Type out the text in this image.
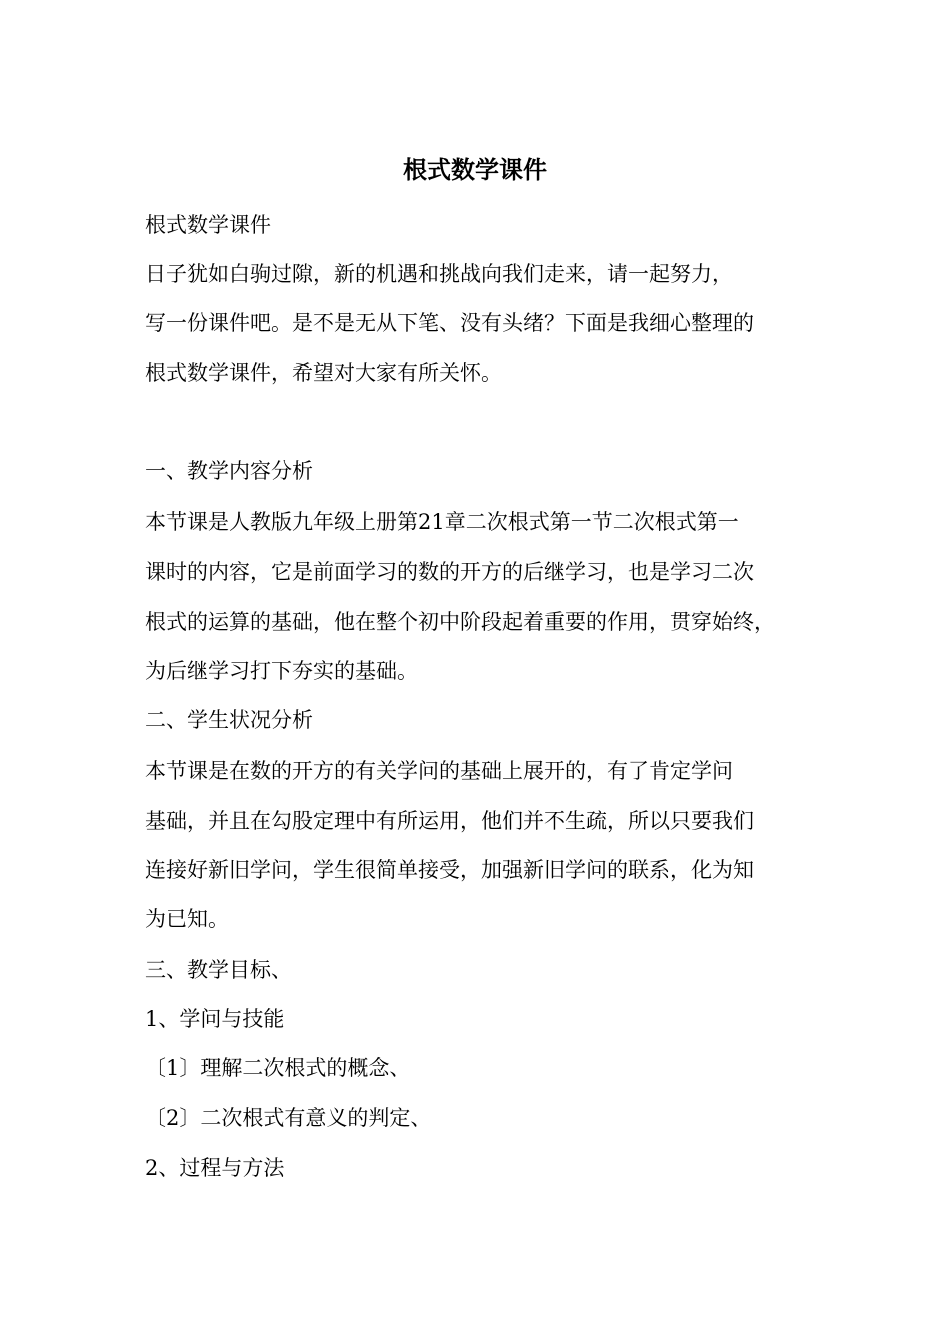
根式数学课件

根式数学课件

日子犹如白驹过隙，新的机遇和挑战向我们走来，请一起努力，

写一份课件吧。是不是无从下笔、没有头绪？下面是我细心整理的

根式数学课件，希望对大家有所关怀。

一、教学内容分析

本节课是人教版九年级上册第21章二次根式第一节二次根式第一

课时的内容，它是前面学习的数的开方的后继学习，也是学习二次

根式的运算的基础，他在整个初中阶段起着重要的作用，贯穿始终，

为后继学习打下夯实的基础。

二、学生状况分析

本节课是在数的开方的有关学问的基础上展开的，有了肯定学问

基础，并且在勾股定理中有所运用，他们并不生疏，所以只要我们

连接好新旧学问，学生很简单接受，加强新旧学问的联系，化为知

为已知。

三、教学目标、

1、学问与技能

〔1〕理解二次根式的概念、

〔2〕二次根式有意义的判定、

2、过程与方法
